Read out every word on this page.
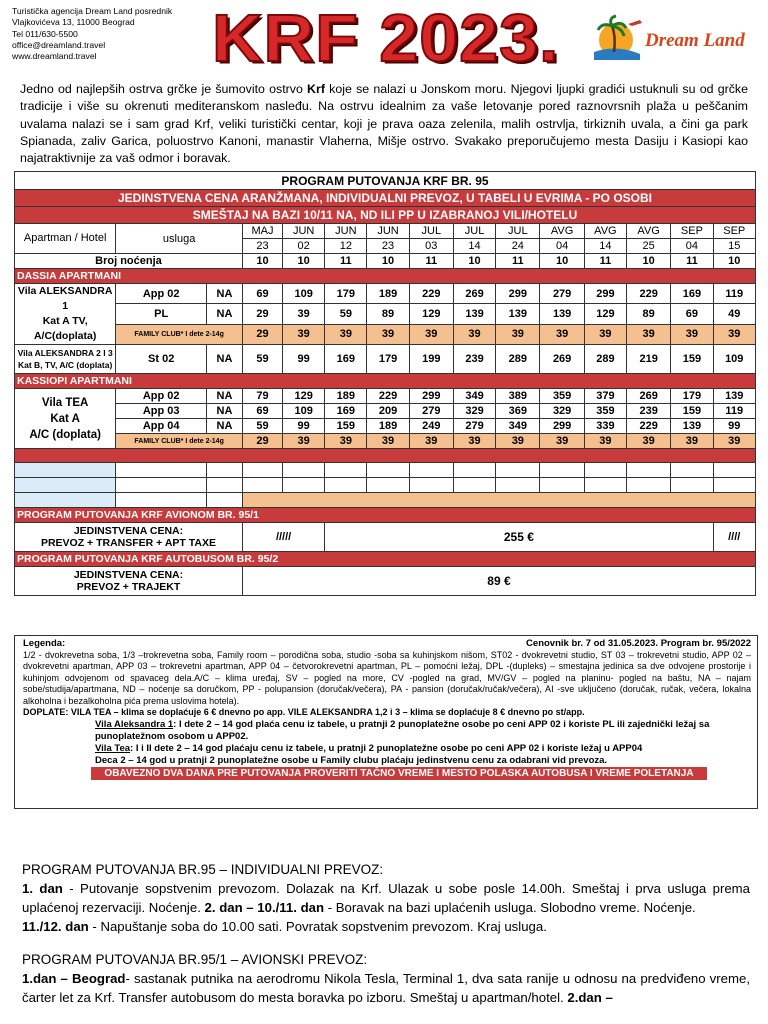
Turistička agencija Dream Land posrednik
Vlajkovićeva 13, 11000 Beograd
Tel 011/630-5500
office@dreamland.travel
www.dreamland.travel	KRF 2023.	Dream Land
Jedno od najlepših ostrva grčke je šumovito ostrvo Krf koje se nalazi u Jonskom moru. Njegovi ljupki gradići ustuknuli su od grčke tradicije i više su okrenuti mediteranskom nasleđu. Na ostrvu idealnim za vaše letovanje pored raznovrsnih plaža u peščanim uvalama nalazi se i sam grad Krf, veliki turistički centar, koji je prava oaza zelenila, malih ostrvlja, tirkiznih uvala, a čini ga park Spianada, zaliv Garica, poluostrvo Kanoni, manastir Vlaherna, Mišje ostrvo. Svakako preporučujemo mesta Dasiju i Kasiopi kao najatraktivnije za vaš odmor i boravak.
PROGRAM PUTOVANJA KRF BR. 95														
JEDINSTVENA CENA ARANŽMANA, INDIVIDUALNI PREVOZ, U TABELI U EVRIMA - PO OSOBI														
SMEŠTAJ NA BAZI 10/11 NA, ND ILI PP U IZABRANOJ VILI/HOTELU														
Apartman / Hotel	usluga		MAJ	JUN	JUN	JUN	JUL	JUL	JUL	AVG	AVG	AVG	SEP	SEP
			23	02	12	23	03	14	24	04	14	25	04	15
Broj noćenja			10	10	11	10	11	10	11	10	11	10	11	10
DASSIA APARTMANI														
Vila ALEKSANDRA 1
Kat A TV,
A/C(doplata)	App 02	NA	69	109	179	189	229	269	299	279	299	229	169	119
	PL	NA	29	39	59	89	129	139	139	139	129	89	69	49
	FAMILY CLUB* I dete 2-14g		29	39	39	39	39	39	39	39	39	39	39	39
Vila ALEKSANDRA 2 I 3
Kat B, TV, A/C (doplata)	St 02	NA	59	99	169	179	199	239	289	269	289	219	159	109
KASSIOPI APARTMANI														
Vila TEA
Kat A
A/C (doplata)	App 02	NA	79	129	189	229	299	349	389	359	379	269	179	139
	App 03	NA	69	109	169	209	279	329	369	329	359	239	159	119
	App 04	NA	59	99	159	189	249	279	349	299	339	229	139	99
	FAMILY CLUB* I dete 2-14g		29	39	39	39	39	39	39	39	39	39	39	39

PROGRAM PUTOVANJA KRF AVIONOM BR. 95/1														
JEDINSTVENA CENA:
PREVOZ + TRANSFER + APT TAXE			/////		255 €									////
PROGRAM PUTOVANJA KRF AUTOBUSOM BR. 95/2														
JEDINSTVENA CENA:
PREVOZ + TRAJEKT			89 €											
Legenda:	Cenovnik br. 7 od 31.05.2023. Program br. 95/2022
1/2 - dvokrevetna soba, 1/3 –trokrevetna soba, Family room – porodična soba, studio -soba sa kuhinjskom nišom, ST02 - dvokrevetni studio, ST 03 – trokrevetni studio, APP 02 –dvokrevetni apartman, APP 03 – trokrevetni apartman, APP 04 – četvorokrevetni apartman, PL – pomoćni ležaj, DPL -(dupleks) – smestajna jedinica sa dve odvojene prostorije i kuhinjom odvojenom od spavaceg dela.A/C – klima uređaj, SV – pogled na more, CV -pogled na grad, MV/GV – pogled na planinu- pogled na baštu, NA – najam sobe/studija/apartmana, ND – noćenje sa doručkom, PP - polupansion (doručak/večera), PA - pansion (doručak/ručak/večera), AI -sve uključeno (doručak, ručak, večera, lokalna alkoholna i bezalkoholna pića prema uslovima hotela).
DOPLATE: VILA TEA – klima se doplaćuje 6 € dnevno po app. VILE ALEKSANDRA 1,2 i 3 – klima se doplaćuje 8 € dnevno po st/app.
Vila Aleksandra 1: I dete 2 – 14 god plaća cenu iz tabele, u pratnji 2 punoplatežne osobe po ceni APP 02 i koriste PL ili zajednički ležaj sa punoplatežnom osobom u APP02.
Vila Tea: I i II dete 2 – 14 god plaćaju cenu iz tabele, u pratnji 2 punoplatežne osobe po ceni APP 02 i koriste ležaj u APP04
Deca 2 – 14 god u pratnji 2 punoplatežne osobe u Family clubu plaćaju jedinstvenu cenu za odabrani vid prevoza.
OBAVEZNO DVA DANA PRE PUTOVANJA PROVERITI TAČNO VREME I MESTO POLASKA AUTOBUSA I VREME POLETANJA AVIONA
PROGRAM PUTOVANJA BR.95 – INDIVIDUALNI PREVOZ:
1. dan - Putovanje sopstvenim prevozom. Dolazak na Krf. Ulazak u sobe posle 14.00h. Smeštaj i prva usluga prema uplaćenoj rezervaciji. Noćenje. 2. dan – 10./11. dan - Boravak na bazi uplaćenih usluga. Slobodno vreme. Noćenje.
11./12. dan - Napuštanje soba do 10.00 sati. Povratak sopstvenim prevozom. Kraj usluga.
PROGRAM PUTOVANJA BR.95/1 – AVIONSKI PREVOZ:
1.dan – Beograd- sastanak putnika na aerodromu Nikola Tesla, Terminal 1, dva sata ranije u odnosu na predviđeno vreme, čarter let za Krf. Transfer autobusom do mesta boravka po izboru. Smeštaj u apartman/hotel. 2.dan –
